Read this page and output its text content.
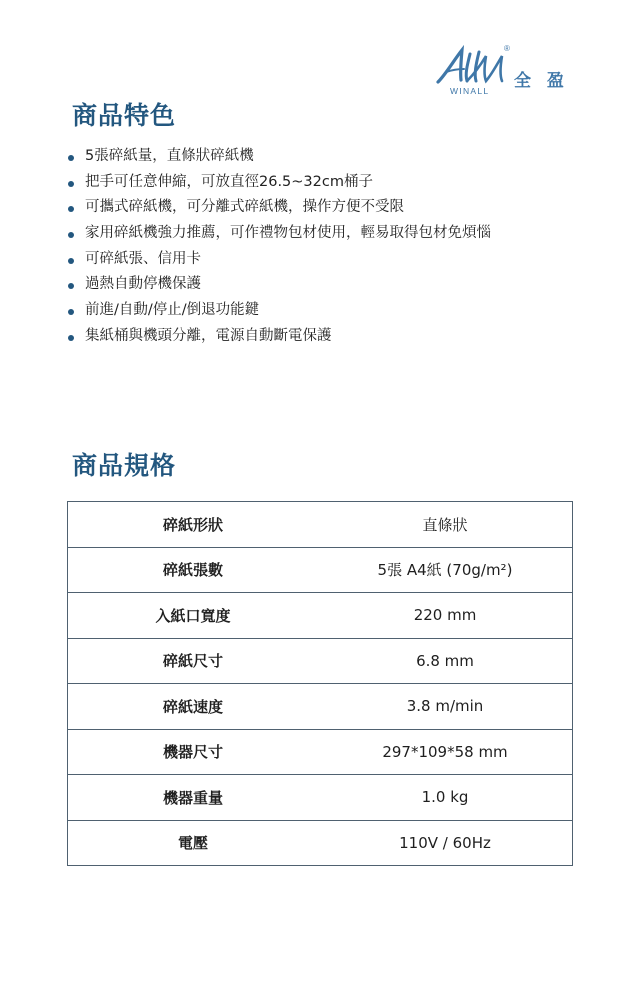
®
全 盈
WINALL
商品特色
5張碎紙量，直條狀碎紙機
把手可任意伸縮，可放直徑26.5~32cm桶子
可攜式碎紙機，可分離式碎紙機，操作方便不受限
家用碎紙機強力推薦，可作禮物包材使用，輕易取得包材免煩惱
可碎紙張、信用卡
過熱自動停機保護
前進/自動/停止/倒退功能鍵
集紙桶與機頭分離，電源自動斷電保護
商品規格
碎紙形狀	直條狀
碎紙張數	5張 A4紙 (70g/m²)
入紙口寬度	220 mm
碎紙尺寸	6.8 mm
碎紙速度	3.8 m/min
機器尺寸	297*109*58 mm
機器重量	1.0 kg
電壓	110V / 60Hz
